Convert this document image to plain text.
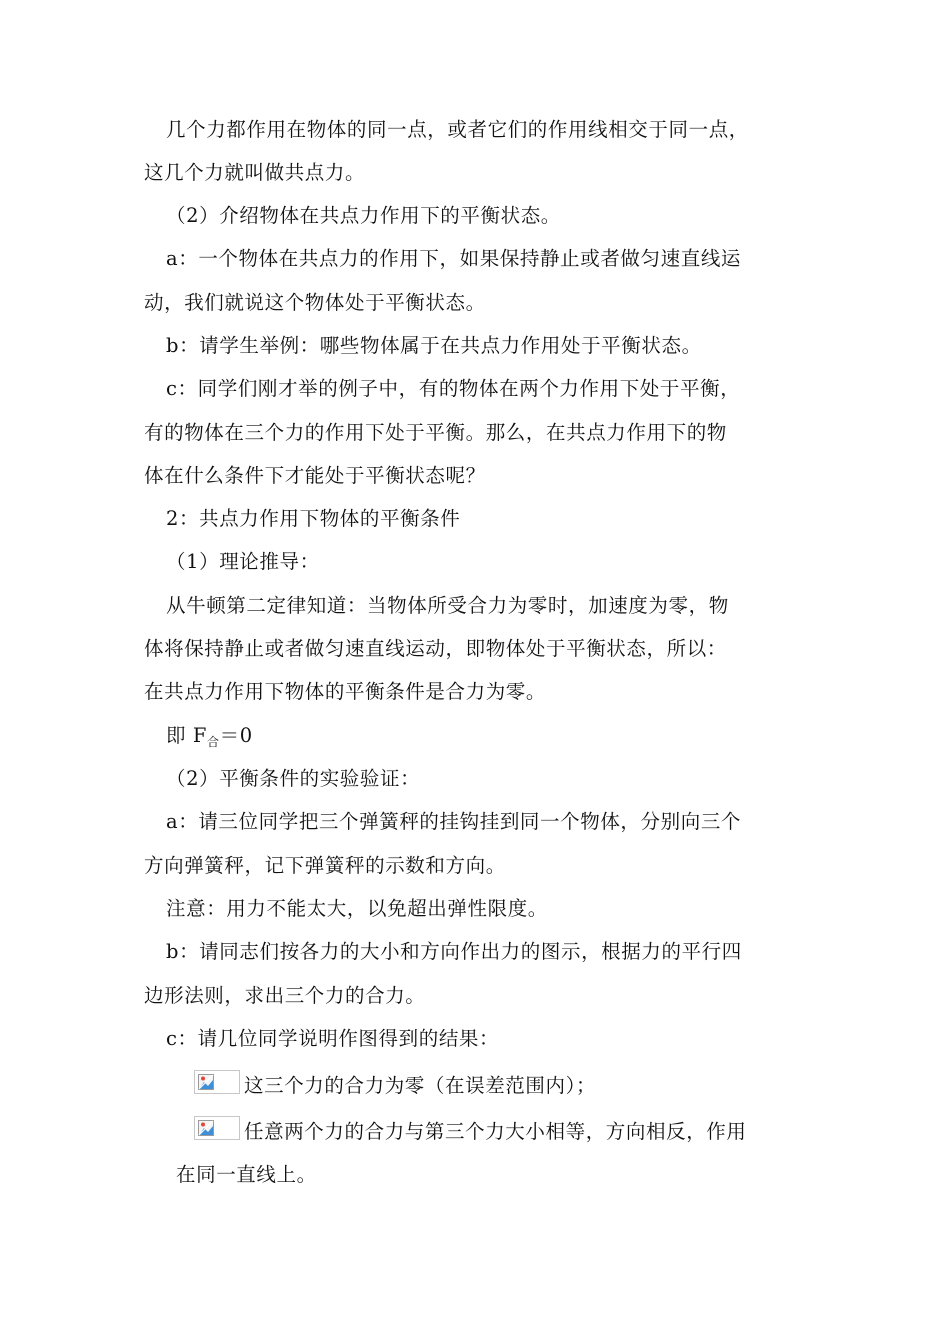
几个力都作用在物体的同一点，或者它们的作用线相交于同一点，
这几个力就叫做共点力。
（2）介绍物体在共点力作用下的平衡状态。
a：一个物体在共点力的作用下，如果保持静止或者做匀速直线运
动，我们就说这个物体处于平衡状态。
b：请学生举例：哪些物体属于在共点力作用处于平衡状态。
c：同学们刚才举的例子中，有的物体在两个力作用下处于平衡，
有的物体在三个力的作用下处于平衡。那么，在共点力作用下的物
体在什么条件下才能处于平衡状态呢？
2：共点力作用下物体的平衡条件
（1）理论推导：
从牛顿第二定律知道：当物体所受合力为零时，加速度为零，物
体将保持静止或者做匀速直线运动，即物体处于平衡状态，所以：
在共点力作用下物体的平衡条件是合力为零。
即 $F_合=0$
（2）平衡条件的实验验证：
a：请三位同学把三个弹簧秤的挂钩挂到同一个物体，分别向三个
方向弹簧秤，记下弹簧秤的示数和方向。
注意：用力不能太大，以免超出弹性限度。
b：请同志们按各力的大小和方向作出力的图示，根据力的平行四
边形法则，求出三个力的合力。
c：请几位同学说明作图得到的结果：
这三个力的合力为零（在误差范围内）；
任意两个力的合力与第三个力大小相等，方向相反，作用
在同一直线上。
